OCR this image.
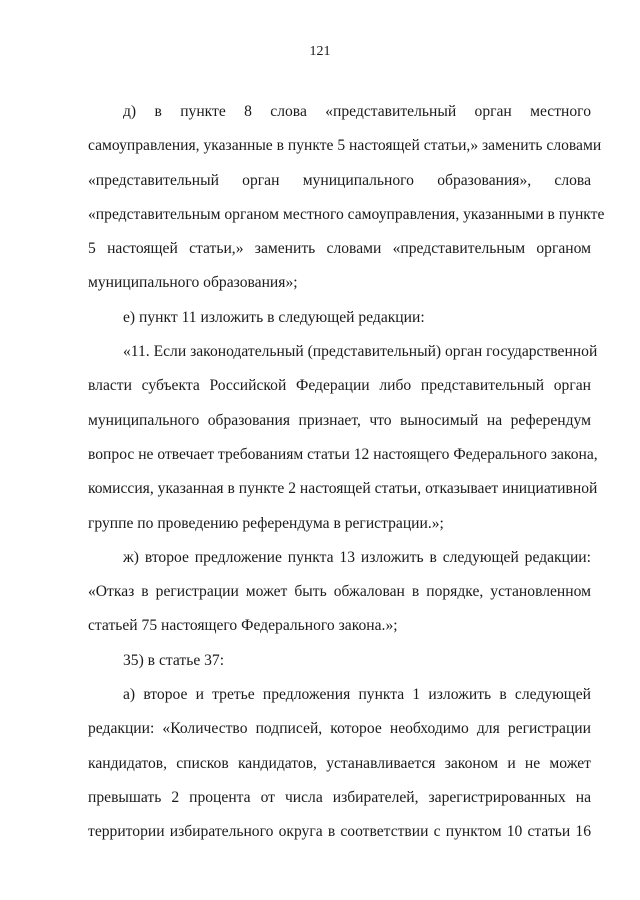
121
д) в пункте 8 слова «представительный орган местного
самоуправления, указанные в пункте 5 настоящей статьи,» заменить словами
«представительный орган муниципального образования», слова
«представительным органом местного самоуправления, указанными в пункте
5 настоящей статьи,» заменить словами «представительным органом
муниципального образования»;
е) пункт 11 изложить в следующей редакции:
«11. Если законодательный (представительный) орган государственной
власти субъекта Российской Федерации либо представительный орган
муниципального образования признает, что выносимый на референдум
вопрос не отвечает требованиям статьи 12 настоящего Федерального закона,
комиссия, указанная в пункте 2 настоящей статьи, отказывает инициативной
группе по проведению референдума в регистрации.»;
ж) второе предложение пункта 13 изложить в следующей редакции:
«Отказ в регистрации может быть обжалован в порядке, установленном
статьей 75 настоящего Федерального закона.»;
35) в статье 37:
а) второе и третье предложения пункта 1 изложить в следующей
редакции: «Количество подписей, которое необходимо для регистрации
кандидатов, списков кандидатов, устанавливается законом и не может
превышать 2 процента от числа избирателей, зарегистрированных на
территории избирательного округа в соответствии с пунктом 10 статьи 16
